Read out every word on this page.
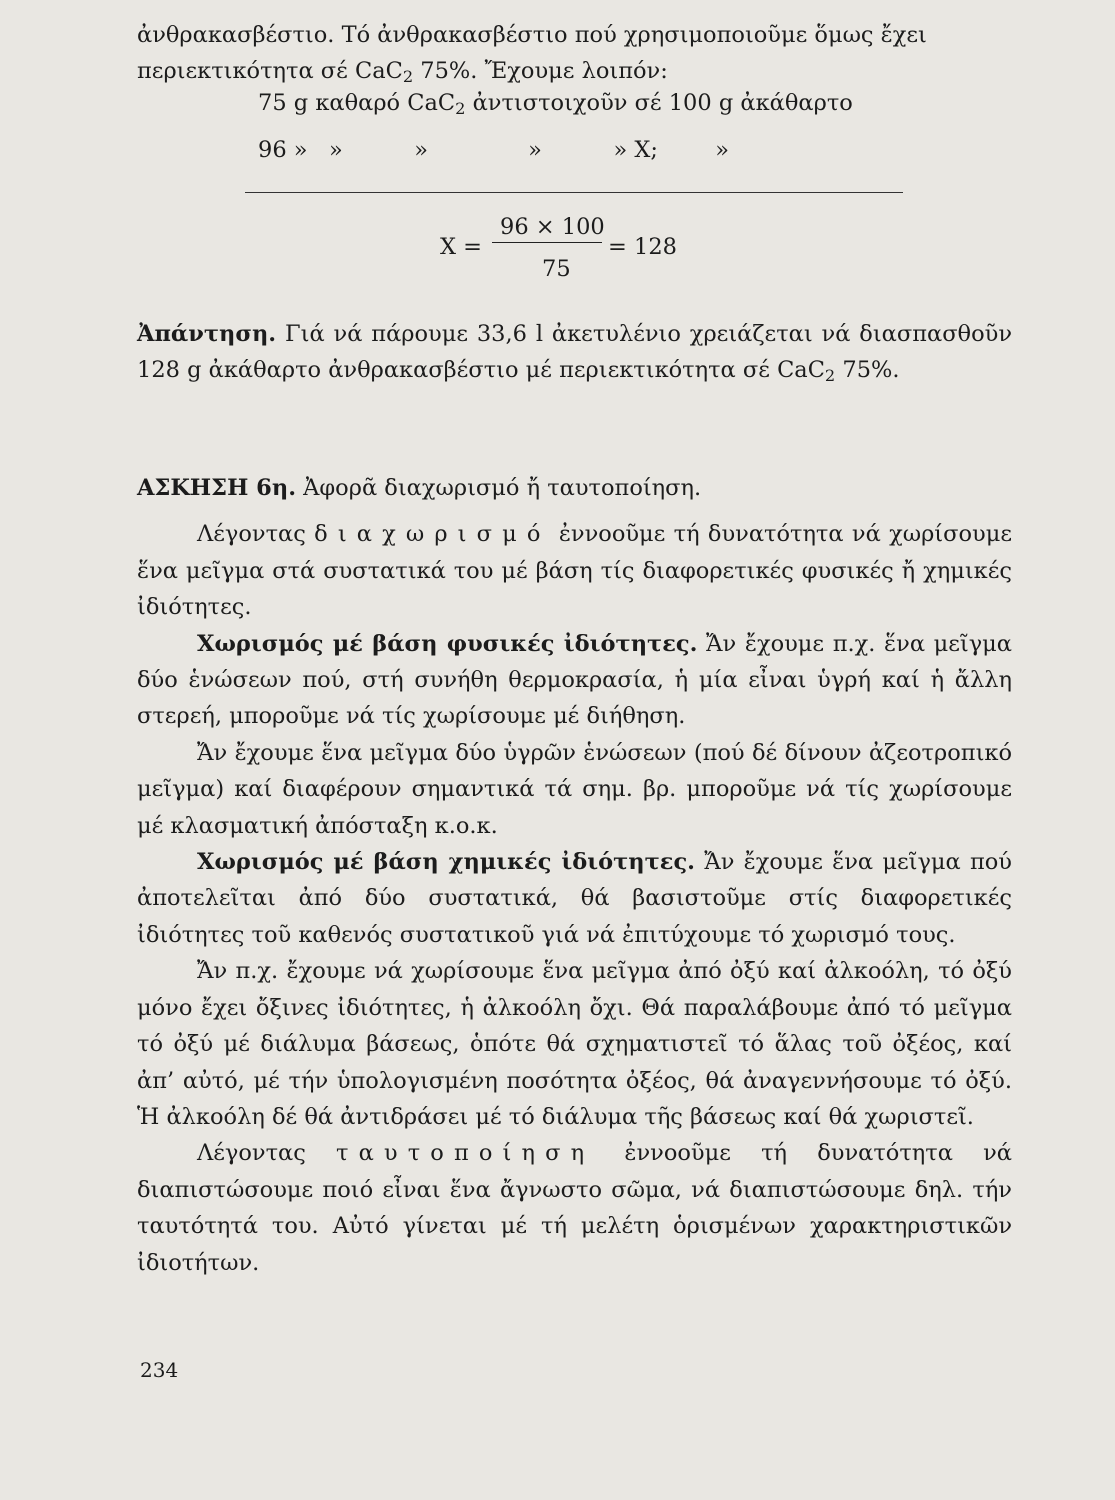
ἀνθρακασβέστιο. Τό ἀνθρακασβέστιο πού χρησιμοποιοῦμε ὅμως ἔχει
περιεκτικότητα σέ CaC$_2$ 75%. Ἔχουμε λοιπόν:
75 g καθαρό CaC$_2$ ἀντιστοιχοῦν σέ 100 g ἀκάθαρτο
96 »   »          »              »          » X;        »
X =
96 × 100
75
= 128

Ἀπάντηση. Γιά νά πάρουμε 33,6 l ἀκετυλένιο χρειάζεται νά διασπασθοῦν 128 g ἀκάθαρτο ἀνθρακασβέστιο μέ περιεκτικότητα σέ CaC$_2$ 75%.

ΑΣΚΗΣΗ 6η. Ἀφορᾶ διαχωρισμό ἤ ταυτοποίηση.

Λέγοντας διαχωρισμό ἐννοοῦμε τή δυνατότητα νά χωρίσουμε ἕνα μεῖγμα στά συστατικά του μέ βάση τίς διαφορετικές φυσικές ἤ χημικές ἰδιότητες.

Χωρισμός μέ βάση φυσικές ἰδιότητες. Ἄν ἔχουμε π.χ. ἕνα μεῖγμα δύο ἑνώσεων πού, στή συνήθη θερμοκρασία, ἡ μία εἶναι ὑγρή καί ἡ ἄλλη στερεή, μποροῦμε νά τίς χωρίσουμε μέ διήθηση.

Ἄν ἔχουμε ἕνα μεῖγμα δύο ὑγρῶν ἑνώσεων (πού δέ δίνουν ἀζεοτροπικό μεῖγμα) καί διαφέρουν σημαντικά τά σημ. βρ. μποροῦμε νά τίς χωρίσουμε μέ κλασματική ἀπόσταξη κ.ο.κ.

Χωρισμός μέ βάση χημικές ἰδιότητες. Ἄν ἔχουμε ἕνα μεῖγμα πού ἀποτελεῖται ἀπό δύο συστατικά, θά βασιστοῦμε στίς διαφορετικές ἰδιότητες τοῦ καθενός συστατικοῦ γιά νά ἐπιτύχουμε τό χωρισμό τους.

Ἄν π.χ. ἔχουμε νά χωρίσουμε ἕνα μεῖγμα ἀπό ὀξύ καί ἀλκοόλη, τό ὀξύ μόνο ἔχει ὄξινες ἰδιότητες, ἡ ἀλκοόλη ὄχι. Θά παραλάβουμε ἀπό τό μεῖγμα τό ὀξύ μέ διάλυμα βάσεως, ὁπότε θά σχηματιστεῖ τό ἅλας τοῦ ὀξέος, καί ἀπ’ αὐτό, μέ τήν ὑπολογισμένη ποσότητα ὀξέος, θά ἀναγεννήσουμε τό ὀξύ. Ἡ ἀλκοόλη δέ θά ἀντιδράσει μέ τό διάλυμα τῆς βάσεως καί θά χωριστεῖ.

Λέγοντας ταυτοποίηση ἐννοοῦμε τή δυνατότητα νά διαπιστώσουμε ποιό εἶναι ἕνα ἄγνωστο σῶμα, νά διαπιστώσουμε δηλ. τήν ταυτότητά του. Αὐτό γίνεται μέ τή μελέτη ὁρισμένων χαρακτηριστικῶν ἰδιοτήτων.

234
